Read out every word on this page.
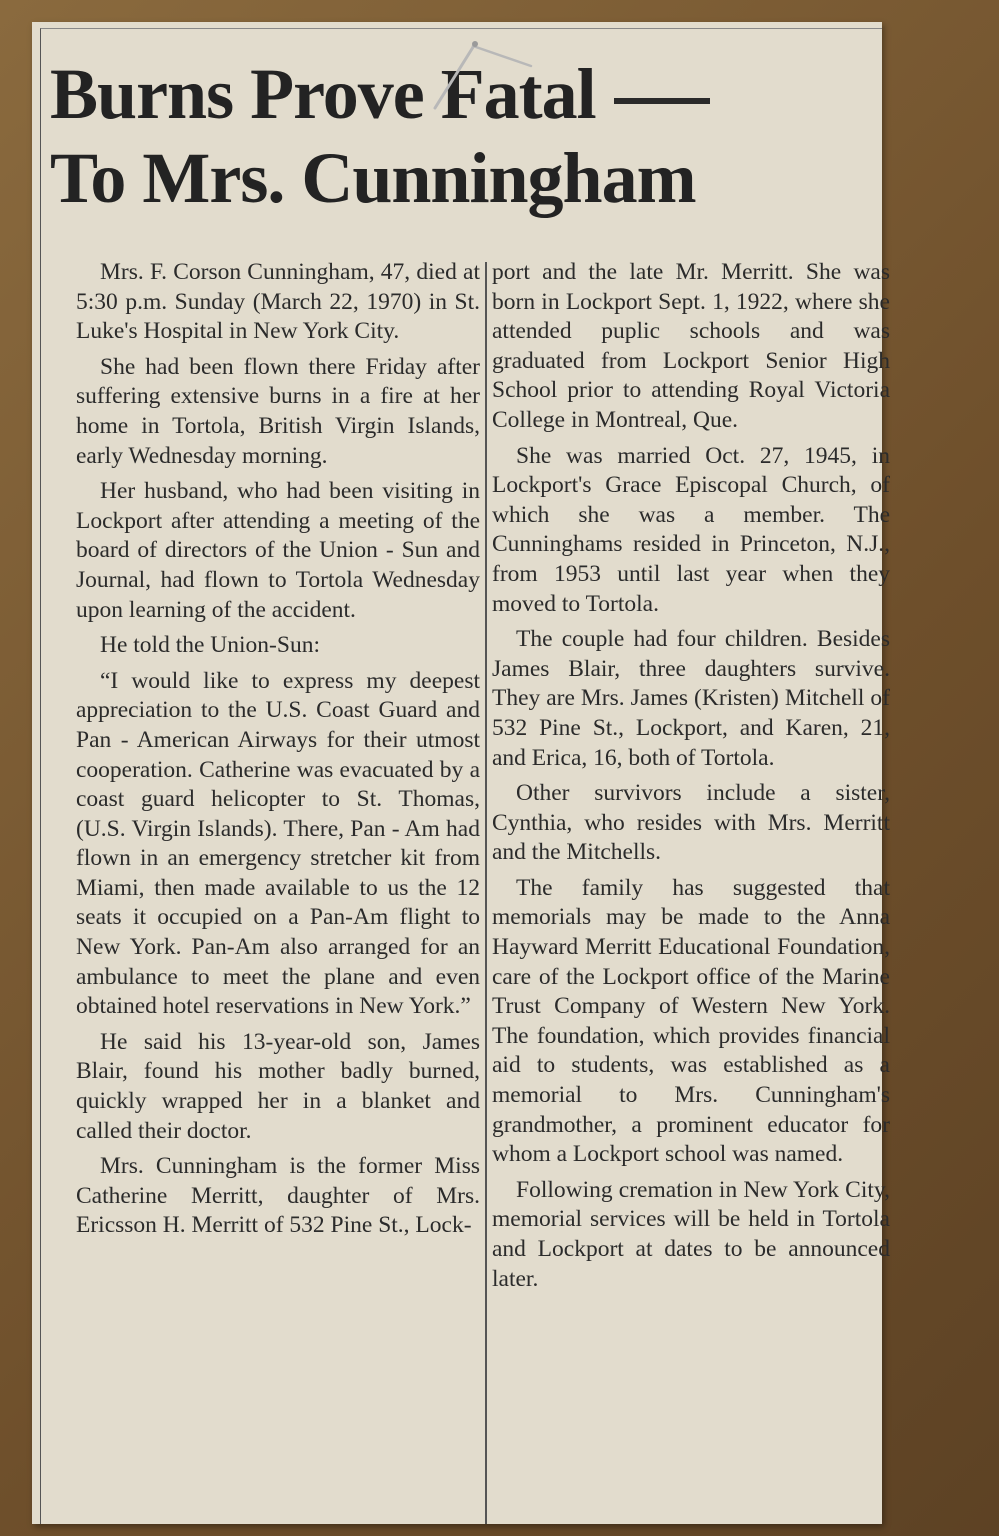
Burns Prove Fatal
To Mrs. Cunningham

Mrs. F. Corson Cunningham, 47, died at 5:30 p.m. Sunday (March 22, 1970) in St. Luke's Hospital in New York City.

She had been flown there Friday after suffering extensive burns in a fire at her home in Tortola, British Virgin Islands, early Wednesday morning.

Her husband, who had been visiting in Lockport after attending a meeting of the board of directors of the Union - Sun and Journal, had flown to Tortola Wednesday upon learning of the accident.

He told the Union-Sun:

“I would like to express my deepest appreciation to the U.S. Coast Guard and Pan - American Airways for their utmost cooperation. Catherine was evacuated by a coast guard helicopter to St. Thomas, (U.S. Virgin Islands). There, Pan - Am had flown in an emergency stretcher kit from Miami, then made available to us the 12 seats it occupied on a Pan-Am flight to New York. Pan-Am also arranged for an ambulance to meet the plane and even obtained hotel reservations in New York.”

He said his 13-year-old son, James Blair, found his mother badly burned, quickly wrapped her in a blanket and called their doctor.

Mrs. Cunningham is the former Miss Catherine Merritt, daughter of Mrs. Ericsson H. Merritt of 532 Pine St., Lock-

port and the late Mr. Merritt. She was born in Lockport Sept. 1, 1922, where she attended puplic schools and was graduated from Lockport Senior High School prior to attending Royal Victoria College in Montreal, Que.

She was married Oct. 27, 1945, in Lockport's Grace Episcopal Church, of which she was a member. The Cunninghams resided in Princeton, N.J., from 1953 until last year when they moved to Tortola.

The couple had four children. Besides James Blair, three daughters survive. They are Mrs. James (Kristen) Mitchell of 532 Pine St., Lockport, and Karen, 21, and Erica, 16, both of Tortola.

Other survivors include a sister, Cynthia, who resides with Mrs. Merritt and the Mitchells.

The family has suggested that memorials may be made to the Anna Hayward Merritt Educational Foundation, care of the Lockport office of the Marine Trust Company of Western New York. The foundation, which provides financial aid to students, was established as a memorial to Mrs. Cunningham's grandmother, a prominent educator for whom a Lockport school was named.

Following cremation in New York City, memorial services will be held in Tortola and Lockport at dates to be announced later.
